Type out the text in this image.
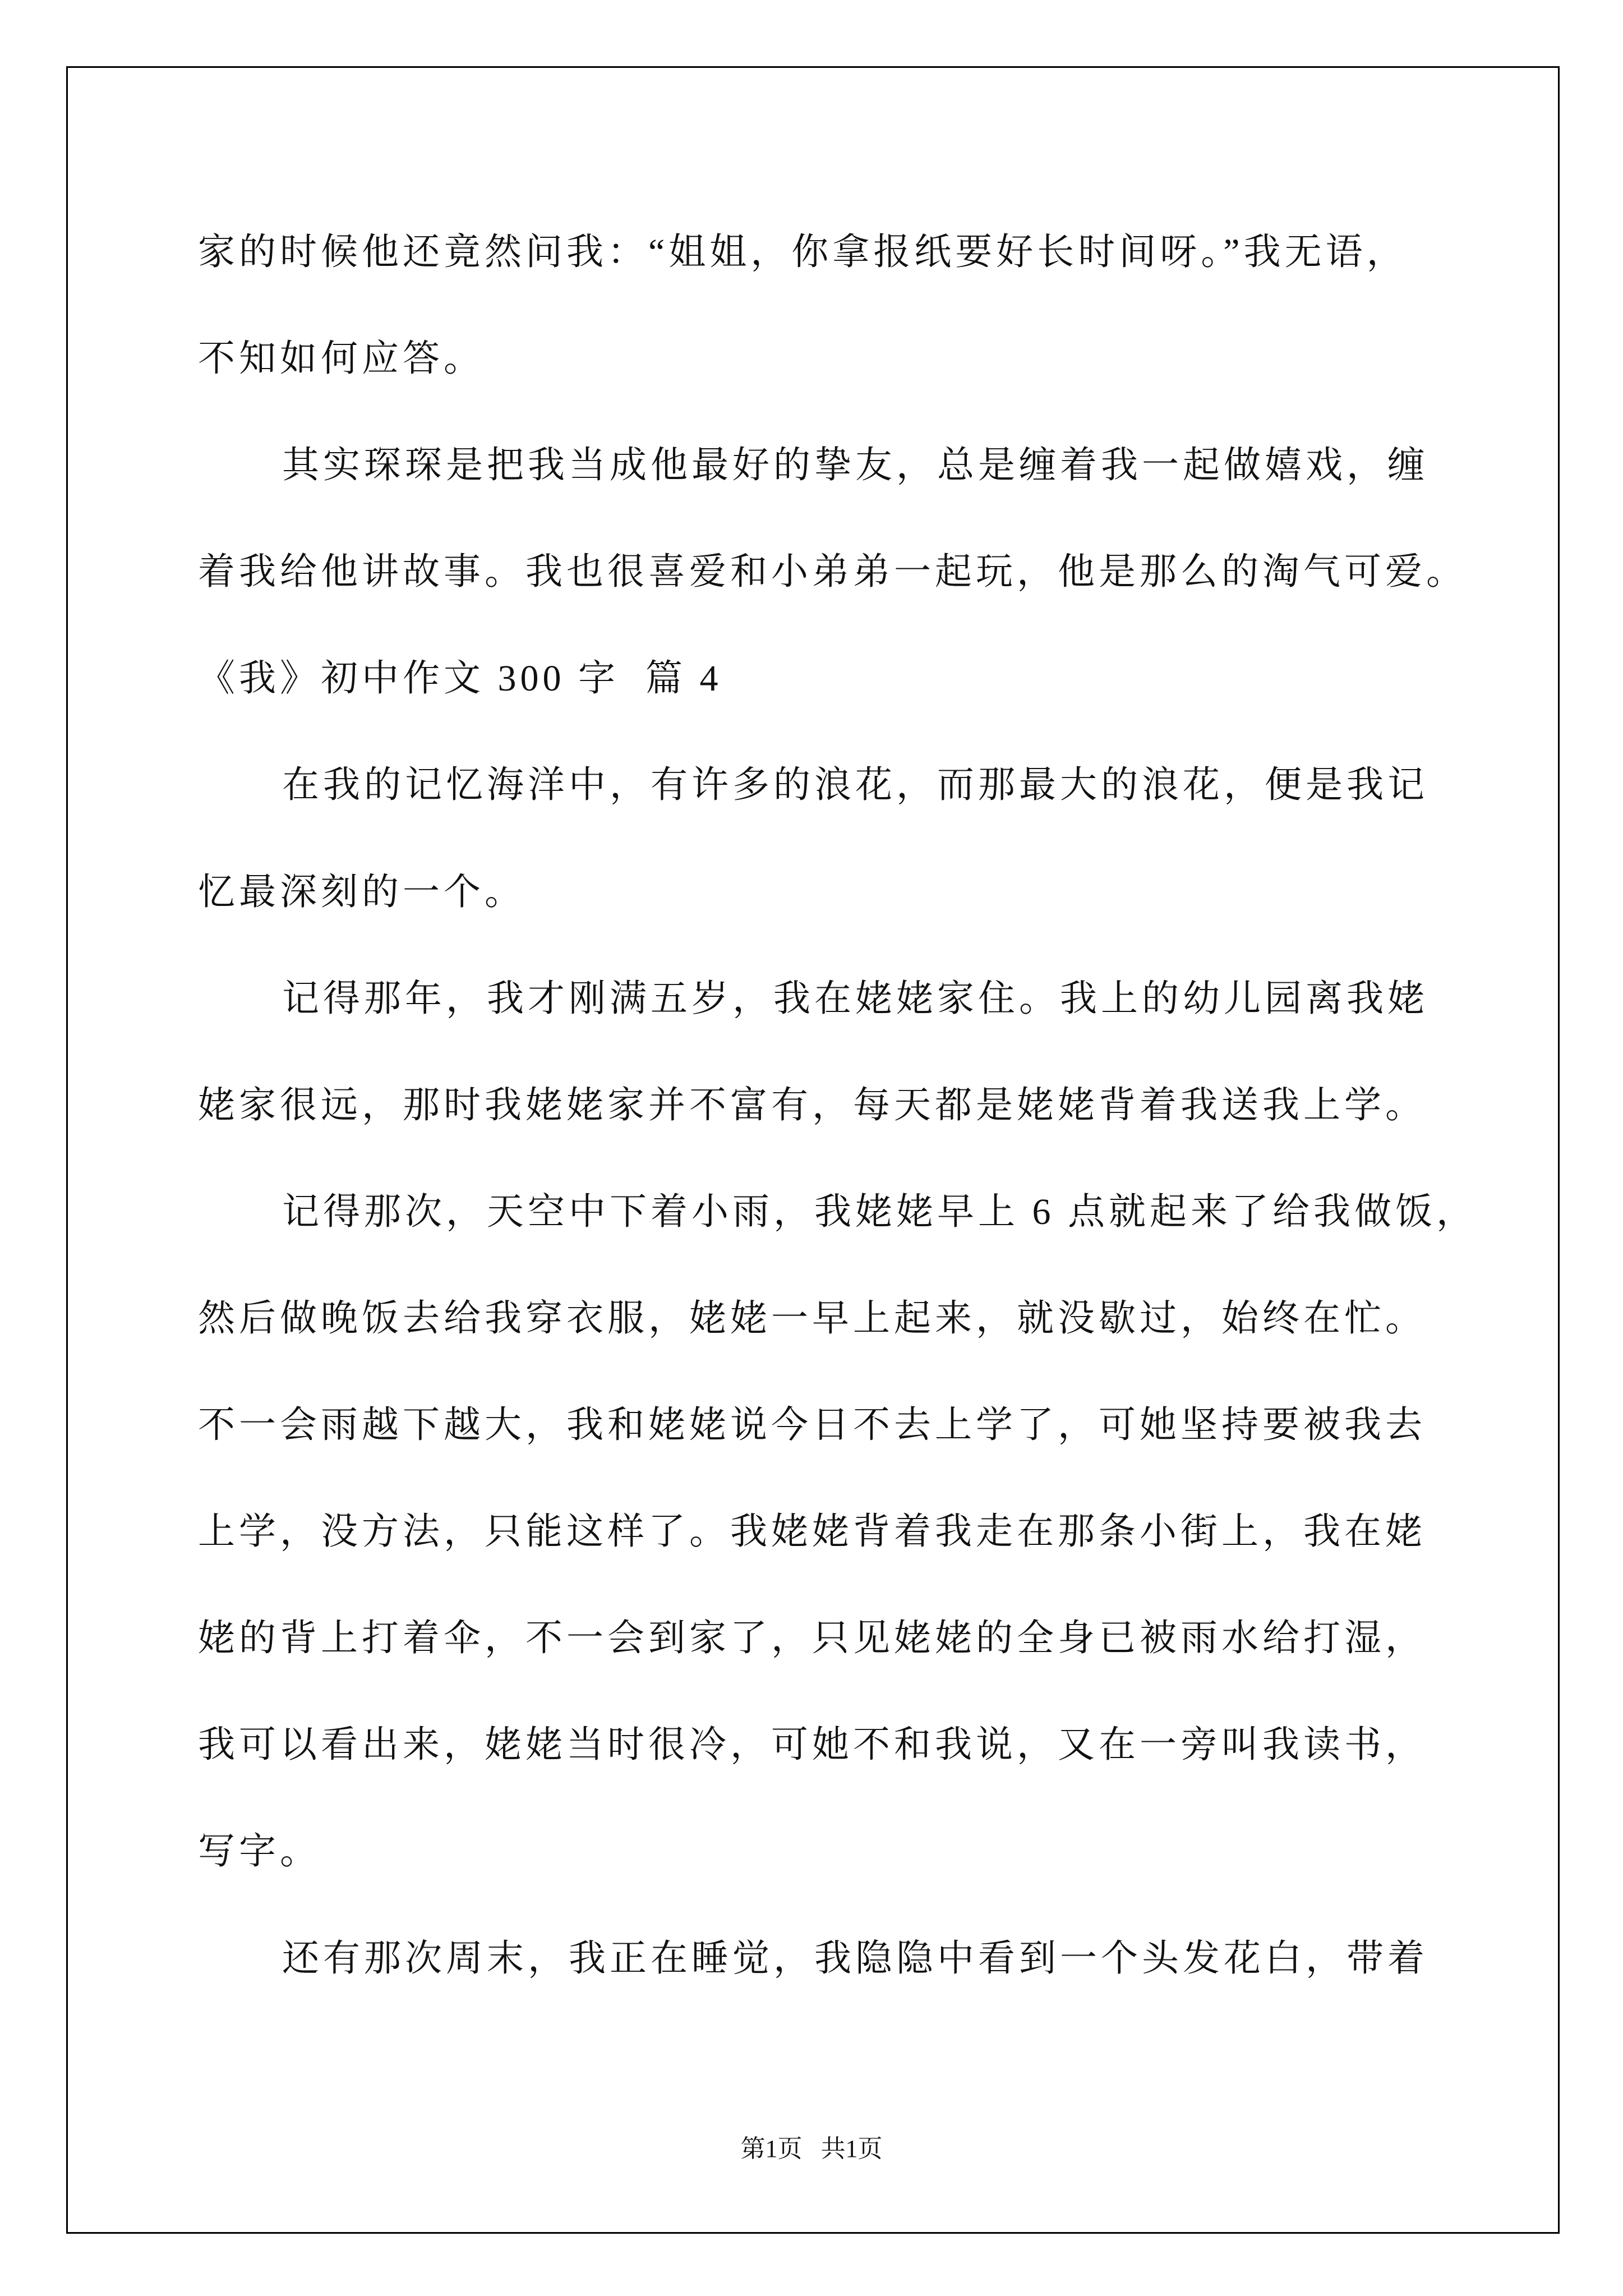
家的时候他还竟然问我：“姐姐，你拿报纸要好长时间呀。”我无语，
不知如何应答。
其实琛琛是把我当成他最好的挚友，总是缠着我一起做嬉戏，缠
着我给他讲故事。我也很喜爱和小弟弟一起玩，他是那么的淘气可爱。
《我》初中作文 300 字  篇 4
在我的记忆海洋中，有许多的浪花，而那最大的浪花，便是我记
忆最深刻的一个。
记得那年，我才刚满五岁，我在姥姥家住。我上的幼儿园离我姥
姥家很远，那时我姥姥家并不富有，每天都是姥姥背着我送我上学。
记得那次，天空中下着小雨，我姥姥早上 6 点就起来了给我做饭，
然后做晚饭去给我穿衣服，姥姥一早上起来，就没歇过，始终在忙。
不一会雨越下越大，我和姥姥说今日不去上学了，可她坚持要被我去
上学，没方法，只能这样了。我姥姥背着我走在那条小街上，我在姥
姥的背上打着伞，不一会到家了，只见姥姥的全身已被雨水给打湿，
我可以看出来，姥姥当时很冷，可她不和我说，又在一旁叫我读书，
写字。
还有那次周末，我正在睡觉，我隐隐中看到一个头发花白，带着
第1页   共1页
